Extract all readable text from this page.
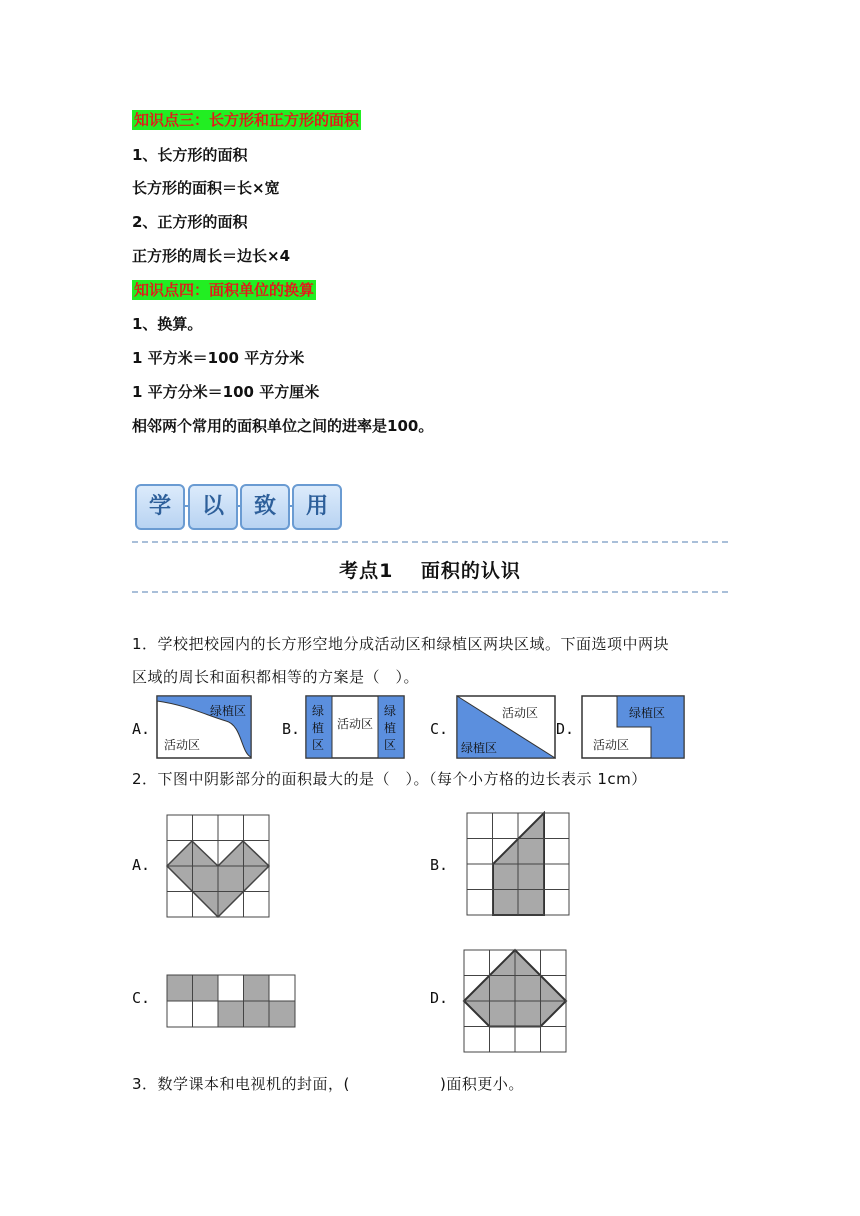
知识点三：长方形和正方形的面积
1、长方形的面积
长方形的面积＝长×宽
2、正方形的面积
正方形的周长＝边长×4
知识点四：面积单位的换算
1、换算。
1 平方米＝100 平方分米
1 平方分米＝100 平方厘米
相邻两个常用的面积单位之间的进率是100。
学	以	致	用
考点1　 面积的认识
1．学校把校园内的长方形空地分成活动区和绿植区两块区域。下面选项中两块
区域的周长和面积都相等的方案是（　）。
A.
绿植区
活动区
B.
绿
植
区
绿
植
区
活动区	C.
活动区
绿植区
D.
绿植区
活动区
2．下图中阴影部分的面积最大的是（　）。（每个小方格的边长表示 1cm）
A.	B.
C.	D.
3．数学课本和电视机的封面，(	)面积更小。
